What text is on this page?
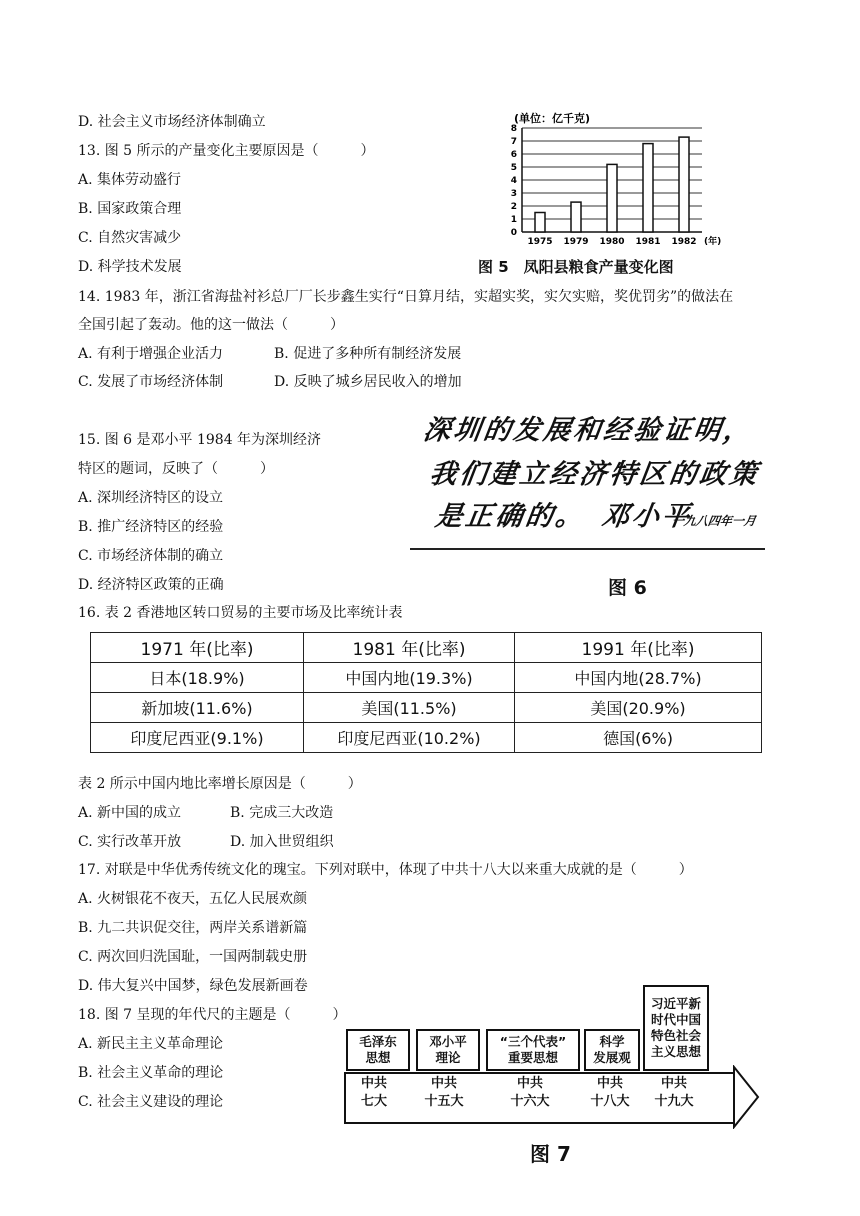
D. 社会主义市场经济体制确立
13. 图 5 所示的产量变化主要原因是（　　　）
A. 集体劳动盛行
B. 国家政策合理
C. 自然灾害减少
D. 科学技术发展
(单位：亿千克)
0
1
2
3
4
5
6
7
8
1975 1979 1980 1981 1982 (年)
图 5　凤阳县粮食产量变化图
14. 1983 年，浙江省海盐衬衫总厂厂长步鑫生实行“日算月结，实超实奖，实欠实赔，奖优罚劣”的做法在
全国引起了轰动。他的这一做法（　　　）
A. 有利于增强企业活力	B. 促进了多种所有制经济发展
C. 发展了市场经济体制	D. 反映了城乡居民收入的增加
15. 图 6 是邓小平 1984 年为深圳经济
特区的题词，反映了（　　　）
A. 深圳经济特区的设立
B. 推广经济特区的经验
C. 市场经济体制的确立
D. 经济特区政策的正确
深圳的发展和经验证明，
我们建立经济特区的政策
是正确的。　邓小平
一九八四年一月
图 6
16. 表 2 香港地区转口贸易的主要市场及比率统计表
1971 年(比率)	1981 年(比率)	1991 年(比率)
日本(18.9%)	中国内地(19.3%)	中国内地(28.7%)
新加坡(11.6%)	美国(11.5%)	美国(20.9%)
印度尼西亚(9.1%)	印度尼西亚(10.2%)	德国(6%)
表 2 所示中国内地比率增长原因是（　　　）
A. 新中国的成立	B. 完成三大改造
C. 实行改革开放	D. 加入世贸组织
17. 对联是中华优秀传统文化的瑰宝。下列对联中，体现了中共十八大以来重大成就的是（　　　）
A. 火树银花不夜天，五亿人民展欢颜
B. 九二共识促交往，两岸关系谱新篇
C. 两次回归洗国耻，一国两制载史册
D. 伟大复兴中国梦，绿色发展新画卷
18. 图 7 呈现的年代尺的主题是（　　　）
A. 新民主主义革命理论
B. 社会主义革命的理论
C. 社会主义建设的理论
毛泽东
思想
邓小平
理论
“三个代表”
重要思想
科学
发展观
习近平新
时代中国
特色社会
主义思想
中共
七大
中共
十五大
中共
十六大
中共
十八大
中共
十九大
图 7
